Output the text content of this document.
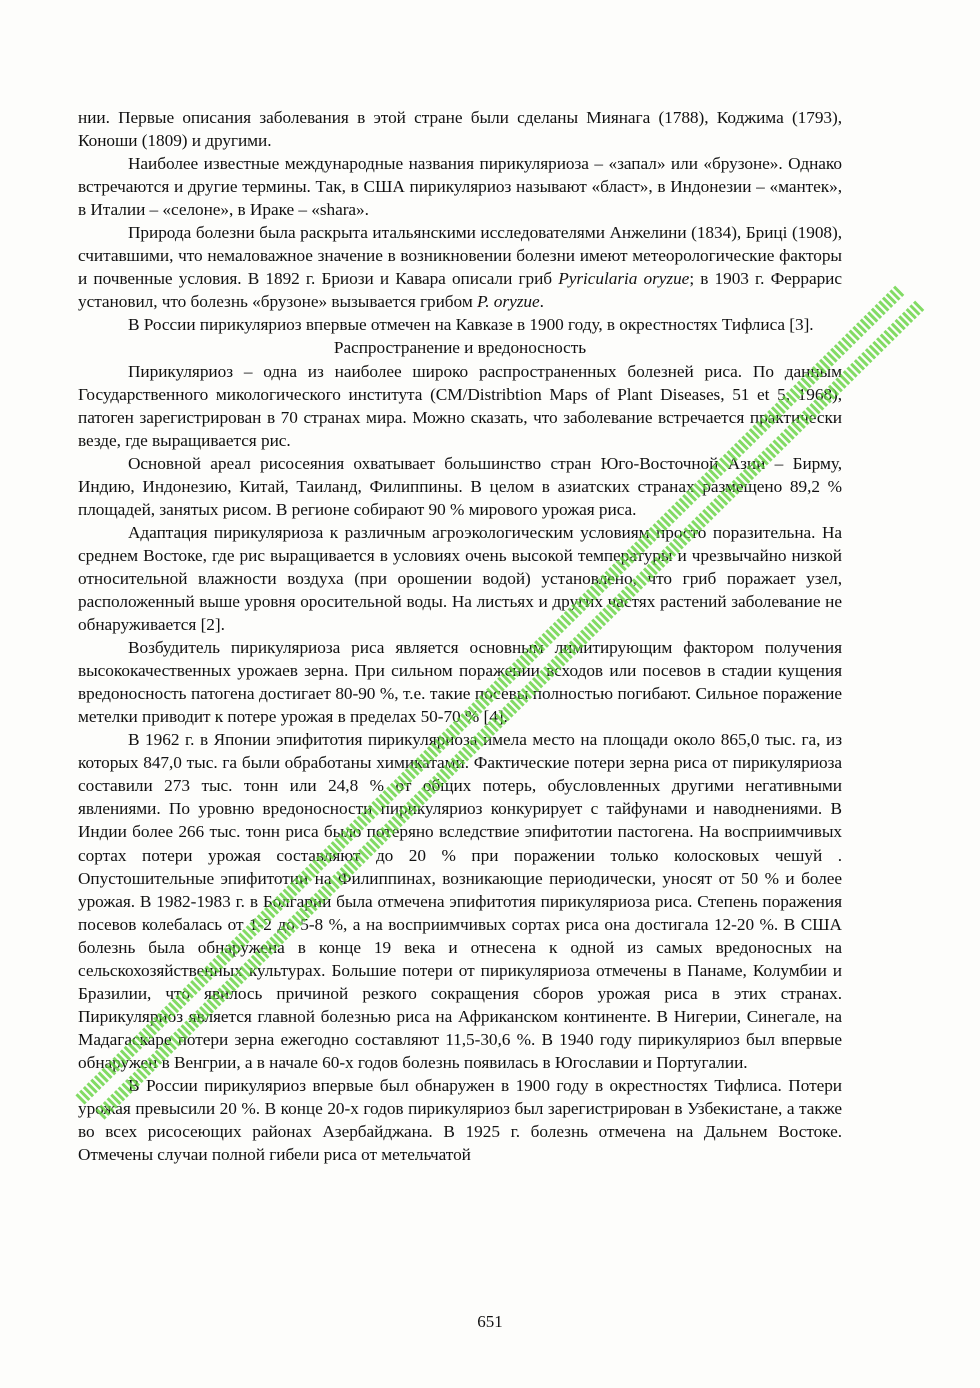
нии. Первые описания заболевания в этой стране были сделаны Миянага (1788), Коджима (1793), Коноши (1809) и другими.

Наиболее известные международные названия пирикуляриоза – «запал» или «брузоне». Однако встречаются и другие термины. Так, в США пирикуляриоз называют «бласт», в Индонезии – «мантек», в Италии – «селоне», в Ираке – «shara».

Природа болезни была раскрыта итальянскими исследователями Анжелини (1834), Бриці (1908), считавшими, что немаловажное значение в возникновении болезни имеют метеорологические факторы и почвенные условия. В 1892 г. Бриози и Кавара описали гриб Pyricularia oryzue; в 1903 г. Феррарис установил, что болезнь «брузоне» вызывается грибом P. oryzue.

В России пирикуляриоз впервые отмечен на Кавказе в 1900 году, в окрестностях Тифлиса [3].

Распространение и вредоносность

Пирикуляриоз – одна из наиболее широко распространенных болезней риса. По данным Государственного микологического института (CM/Distribtion Maps of Plant Diseases, 51 et 5, 1968), патоген зарегистрирован в 70 странах мира. Можно сказать, что заболевание встречается практически везде, где выращивается рис.

Основной ареал рисосеяния охватывает большинство стран Юго-Восточной Азии – Бирму, Индию, Индонезию, Китай, Таиланд, Филиппины. В целом в азиатских странах размещено 89,2 % площадей, занятых рисом. В регионе собирают 90 % мирового урожая риса.

Адаптация пирикуляриоза к различным агроэкологическим условиям просто поразительна. На среднем Востоке, где рис выращивается в условиях очень высокой температуры и чрезвычайно низкой относительной влажности воздуха (при орошении водой) установлено, что гриб поражает узел, расположенный выше уровня оросительной воды. На листьях и других частях растений заболевание не обнаруживается [2].

Возбудитель пирикуляриоза риса является основным лимитирующим фактором получения высококачественных урожаев зерна. При сильном поражении всходов или посевов в стадии кущения вредоносность патогена достигает 80-90 %, т.е. такие посевы полностью погибают. Сильное поражение метелки приводит к потере урожая в пределах 50-70 % [4].

В 1962 г. в Японии эпифитотия пирикуляриоза имела место на площади около 865,0 тыс. га, из которых 847,0 тыс. га были обработаны химикатами. Фактические потери зерна риса от пирикуляриоза составили 273 тыс. тонн или 24,8 % от общих потерь, обусловленных другими негативными явлениями. По уровню вредоносности пирикуляриоз конкурирует с тайфунами и наводнениями. В Индии более 266 тыс. тонн риса было потеряно вследствие эпифитотии пастогена. На восприимчивых сортах потери урожая составляют до 20 % при поражении только колосковых чешуй . Опустошительные эпифитотии на Филиппинах, возникающие периодически, уносят от 50 % и более урожая. В 1982-1983 г. в Болгарии была отмечена эпифитотия пирикуляриоза риса. Степень поражения посевов колебалась от 1-2 до 5-8 %, а на восприимчивых сортах риса она достигала 12-20 %. В США болезнь была обнаружена в конце 19 века и отнесена к одной из самых вредоносных на сельскохозяйственных культурах. Большие потери от пирикуляриоза отмечены в Панаме, Колумбии и Бразилии, что явилось причиной резкого сокращения сборов урожая риса в этих странах. Пирикуляриоз является главной болезнью риса на Африканском континенте. В Нигерии, Синегале, на Мадагаскаре потери зерна ежегодно составляют 11,5-30,6 %. В 1940 году пирикуляриоз был впервые обнаружен в Венгрии, а в начале 60-х годов болезнь появилась в Югославии и Португалии.

В России пирикуляриоз впервые был обнаружен в 1900 году в окрестностях Тифлиса. Потери урожая превысили 20 %. В конце 20-х годов пирикуляриоз был зарегистрирован в Узбекистане, а также во всех рисосеющих районах Азербайджана. В 1925 г. болезнь отмечена на Дальнем Востоке. Отмечены случаи полной гибели риса от метельчатой

651
